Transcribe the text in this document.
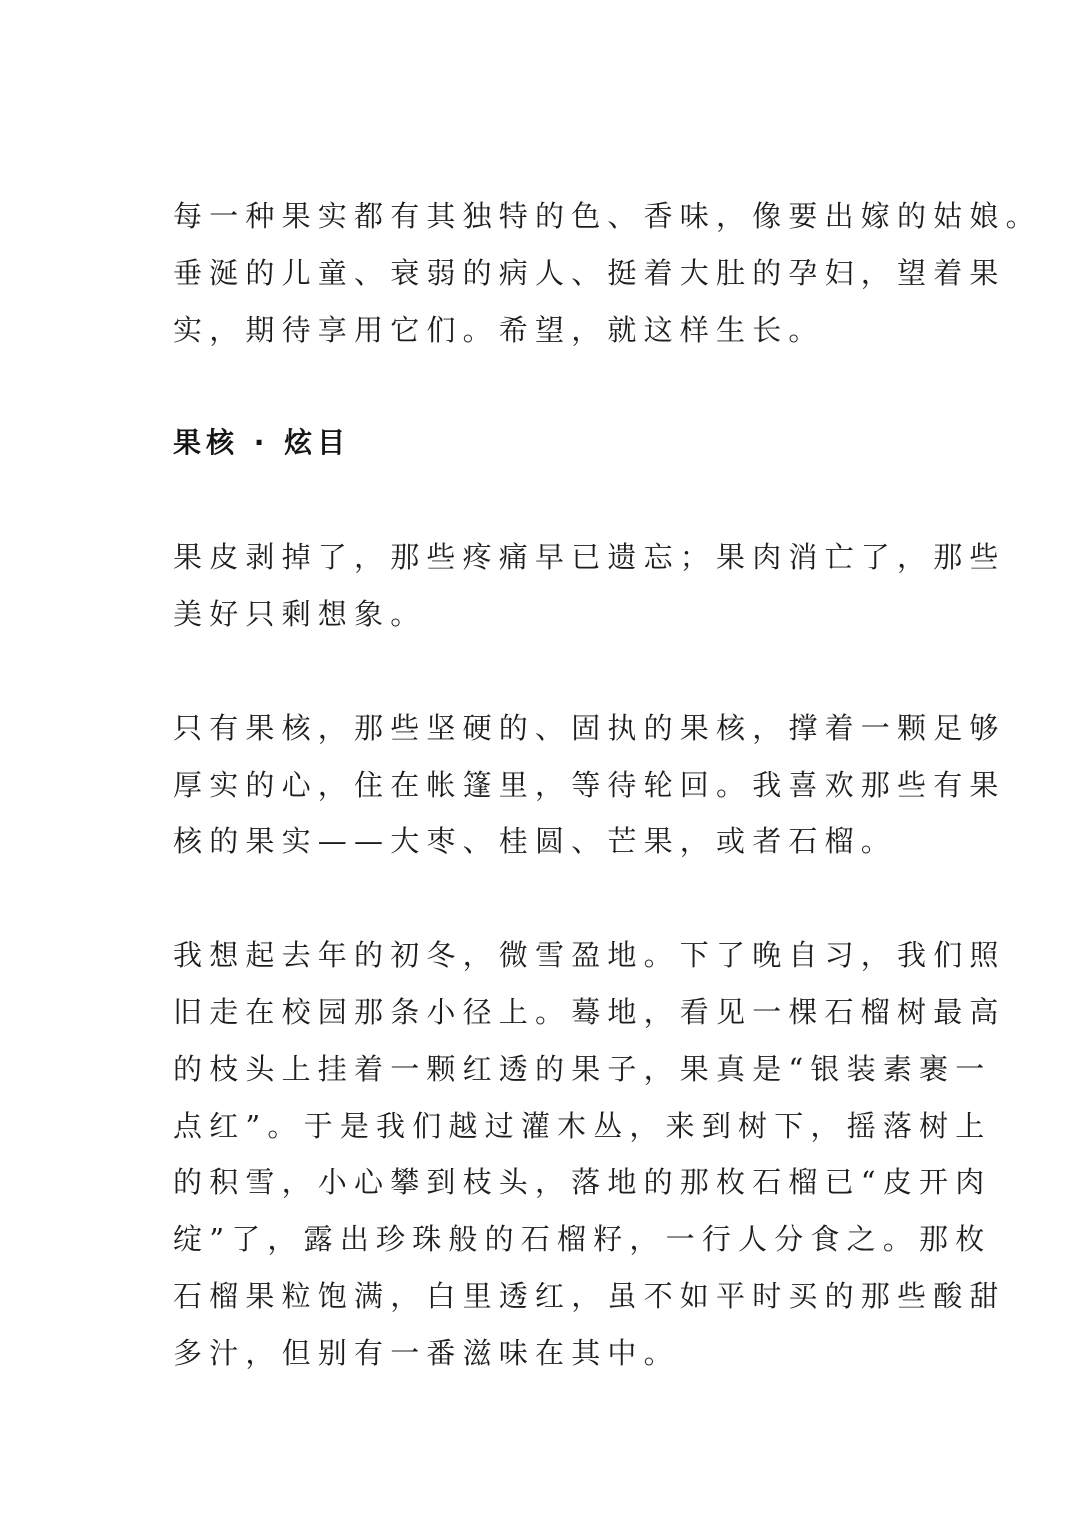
每一种果实都有其独特的色、香味，像要出嫁的姑娘。
垂涎的儿童、衰弱的病人、挺着大肚的孕妇，望着果
实，期待享用它们。希望，就这样生长。
果核 · 炫目
果皮剥掉了，那些疼痛早已遗忘；果肉消亡了，那些
美好只剩想象。
只有果核，那些坚硬的、固执的果核，撑着一颗足够
厚实的心，住在帐篷里，等待轮回。我喜欢那些有果
核的果实——大枣、桂圆、芒果，或者石榴。
我想起去年的初冬，微雪盈地。下了晚自习，我们照
旧走在校园那条小径上。蓦地，看见一棵石榴树最高
的枝头上挂着一颗红透的果子，果真是“银装素裹一
点红”。于是我们越过灌木丛，来到树下，摇落树上
的积雪，小心攀到枝头，落地的那枚石榴已“皮开肉
绽”了，露出珍珠般的石榴籽，一行人分食之。那枚
石榴果粒饱满，白里透红，虽不如平时买的那些酸甜
多汁，但别有一番滋味在其中。
